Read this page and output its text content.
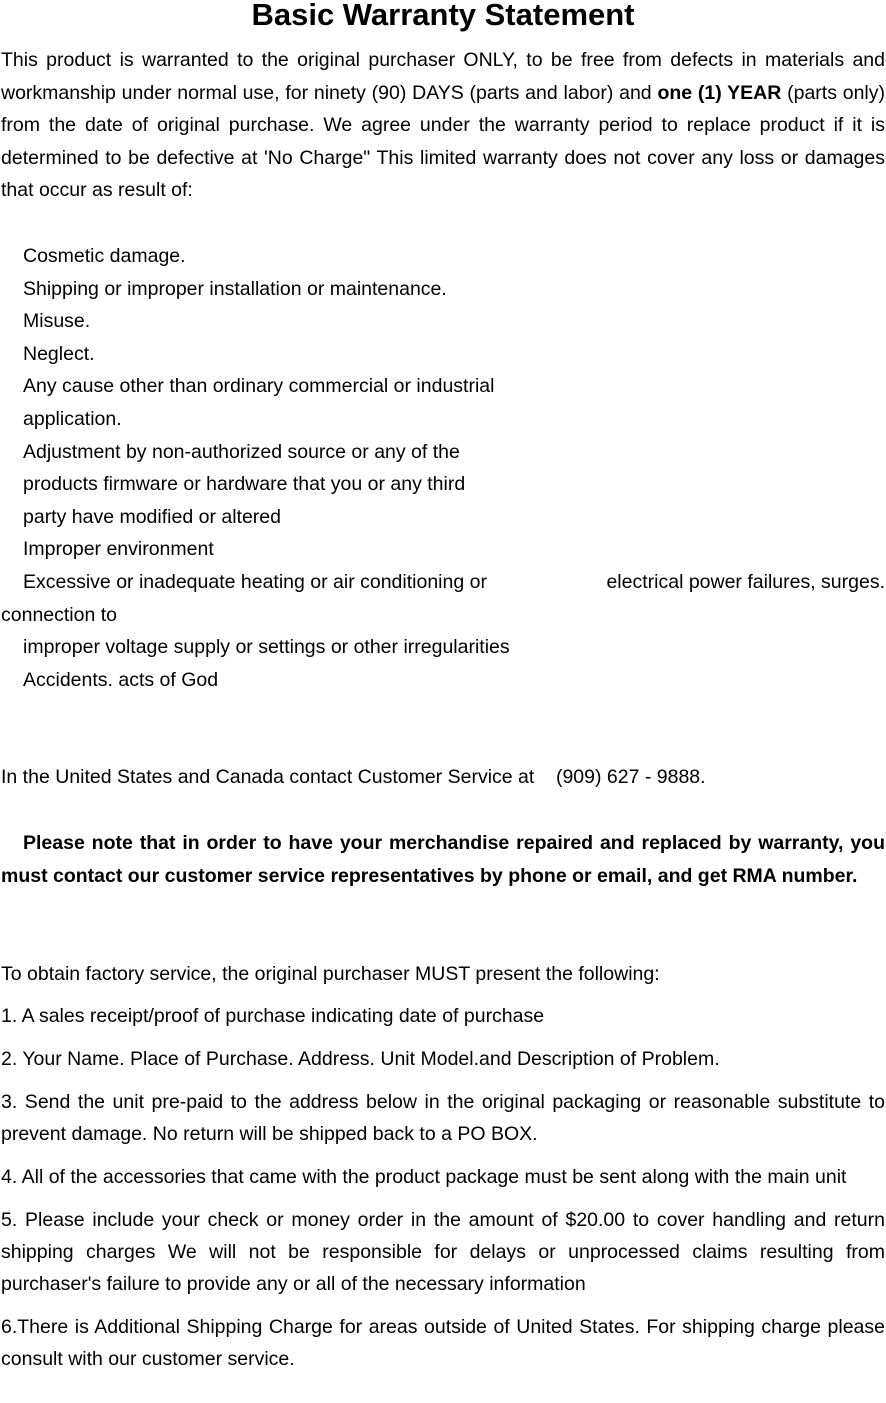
Basic Warranty Statement

This product is warranted to the original purchaser ONLY, to be free from defects in materials and workmanship under normal use, for ninety (90) DAYS (parts and labor) and one (1) YEAR (parts only) from the date of original purchase. We agree under the warranty period to replace product if it is determined to be defective at 'No Charge" This limited warranty does not cover any loss or damages that occur as result of:

Cosmetic damage.
Shipping or improper installation or maintenance.
Misuse.
Neglect.
Any cause other than ordinary commercial or industrial
application.
Adjustment by non-authorized source or any of the
products firmware or hardware that you or any third
party have modified or altered
Improper environment
Excessive or inadequate heating or air conditioning or	electrical power failures, surges.
connection to
improper voltage supply or settings or other irregularities
Accidents. acts of God
In the United States and Canada contact Customer Service at    (909) 627 - 9888.

Please note that in order to have your merchandise repaired and replaced by warranty, you must contact our customer service representatives by phone or email, and get RMA number.

To obtain factory service, the original purchaser MUST present the following:
1. A sales receipt/proof of purchase indicating date of purchase
2. Your Name. Place of Purchase. Address. Unit Model.and Description of Problem.
3. Send the unit pre-paid to the address below in the original packaging or reasonable substitute to prevent damage. No return will be shipped back to a PO BOX.
4. All of the accessories that came with the product package must be sent along with the main unit
5. Please include your check or money order in the amount of $20.00 to cover handling and return shipping charges We will not be responsible for delays or unprocessed claims resulting from purchaser's failure to provide any or all of the necessary information
6.There is Additional Shipping Charge for areas outside of United States. For shipping charge please consult with our customer service.
